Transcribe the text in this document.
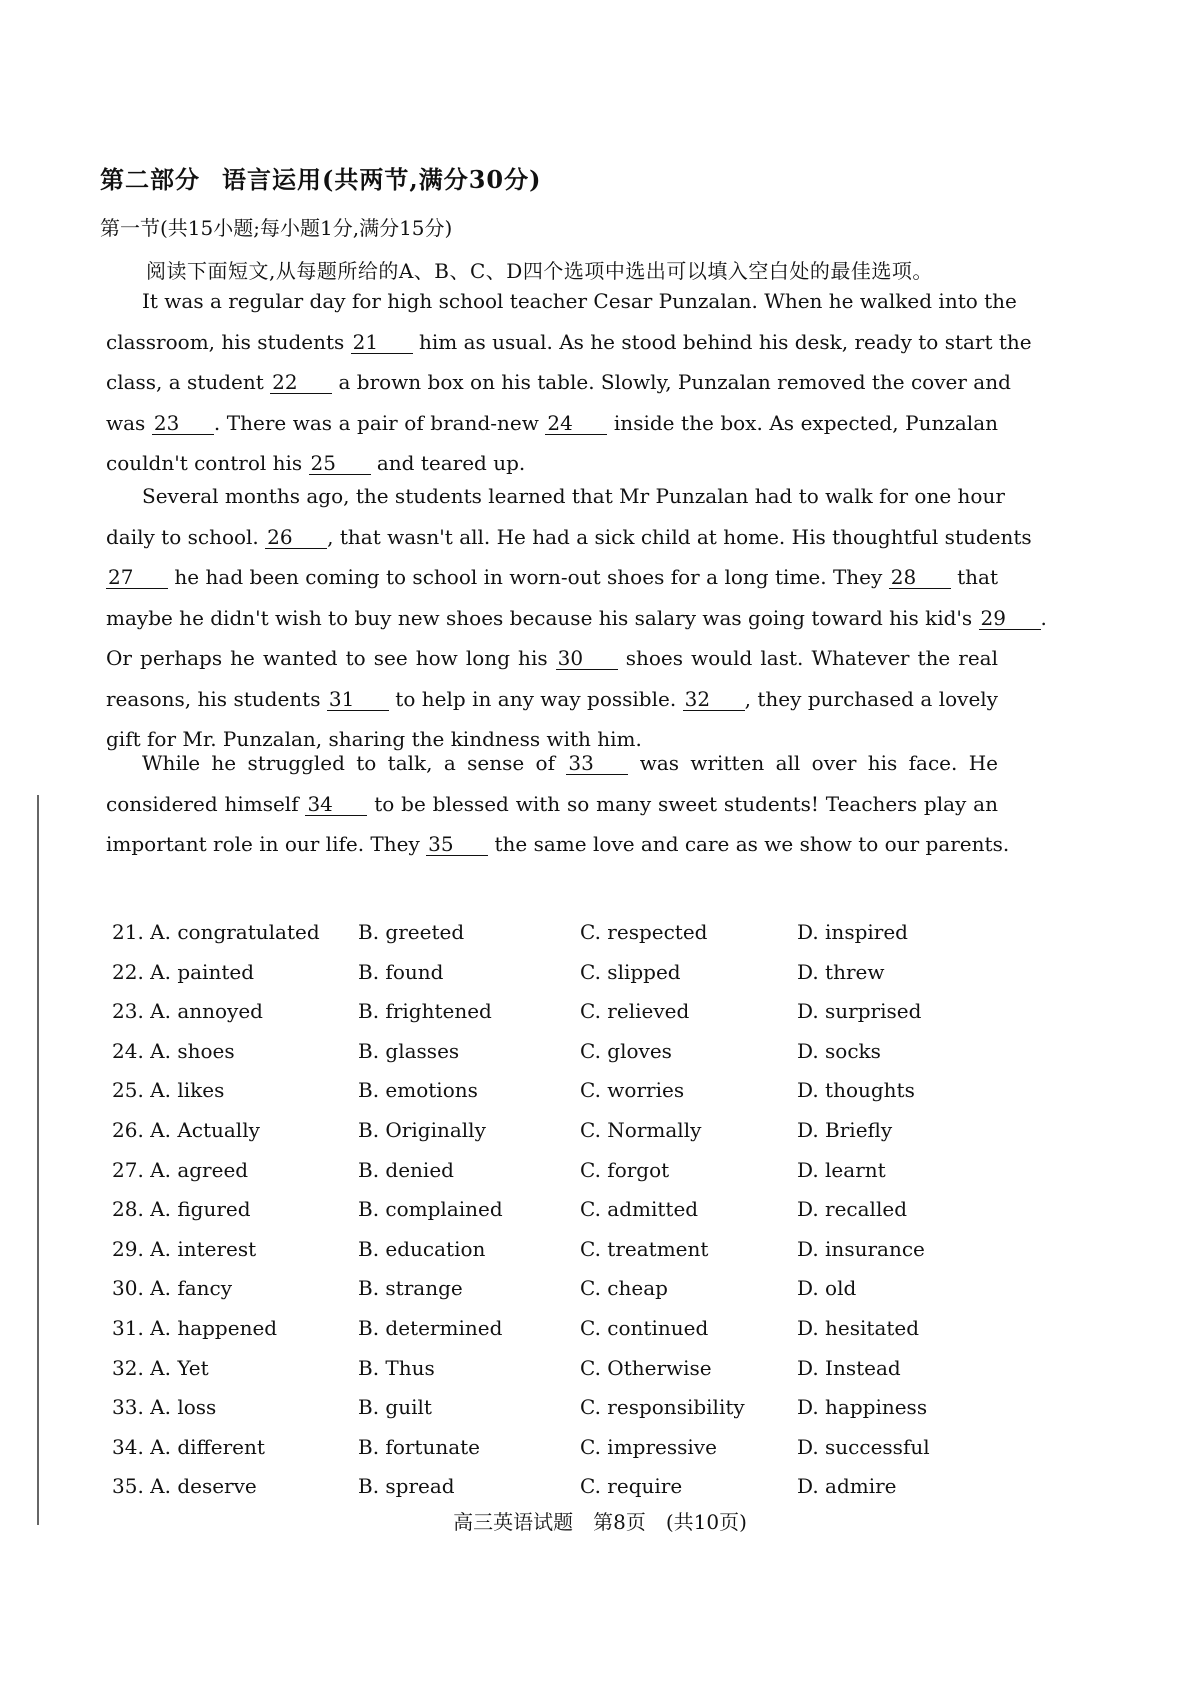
第二部分 语言运用(共两节,满分30分)
第一节(共15小题;每小题1分,满分15分)
阅读下面短文,从每题所给的A、B、C、D四个选项中选出可以填入空白处的最佳选项。
It was a regular day for high school teacher Cesar Punzalan. When he walked into the
classroom, his students 21 him as usual. As he stood behind his desk, ready to start the
class, a student 22 a brown box on his table. Slowly, Punzalan removed the cover and
was 23 . There was a pair of brand-new 24 inside the box. As expected, Punzalan
couldn't control his 25 and teared up.
Several months ago, the students learned that Mr Punzalan had to walk for one hour
daily to school. 26 , that wasn't all. He had a sick child at home. His thoughtful students
27 he had been coming to school in worn-out shoes for a long time. They 28 that
maybe he didn't wish to buy new shoes because his salary was going toward his kid's 29 .
Or perhaps he wanted to see how long his 30 shoes would last. Whatever the real
reasons, his students 31 to help in any way possible. 32 , they purchased a lovely
gift for Mr. Punzalan, sharing the kindness with him.
While he struggled to talk, a sense of 33 was written all over his face. He
considered himself 34 to be blessed with so many sweet students! Teachers play an
important role in our life. They 35 the same love and care as we show to our parents.
21. A. congratulated B. greeted	C. respected	D. inspired
22. A. painted	B. found	C. slipped	D. threw
23. A. annoyed	B. frightened	C. relieved	D. surprised
24. A. shoes	B. glasses	C. gloves	D. socks
25. A. likes	B. emotions	C. worries	D. thoughts
26. A. Actually	B. Originally	C. Normally	D. Briefly
27. A. agreed	B. denied	C. forgot	D. learnt
28. A. figured	B. complained	C. admitted	D. recalled
29. A. interest	B. education	C. treatment	D. insurance
30. A. fancy	B. strange	C. cheap	D. old
31. A. happened	B. determined	C. continued	D. hesitated
32. A. Yet	B. Thus	C. Otherwise	D. Instead
33. A. loss	B. guilt	C. responsibility	D. happiness
34. A. different	B. fortunate	C. impressive	D. successful
35. A. deserve	B. spread	C. require	D. admire
高三英语试题　第8页　(共10页)
